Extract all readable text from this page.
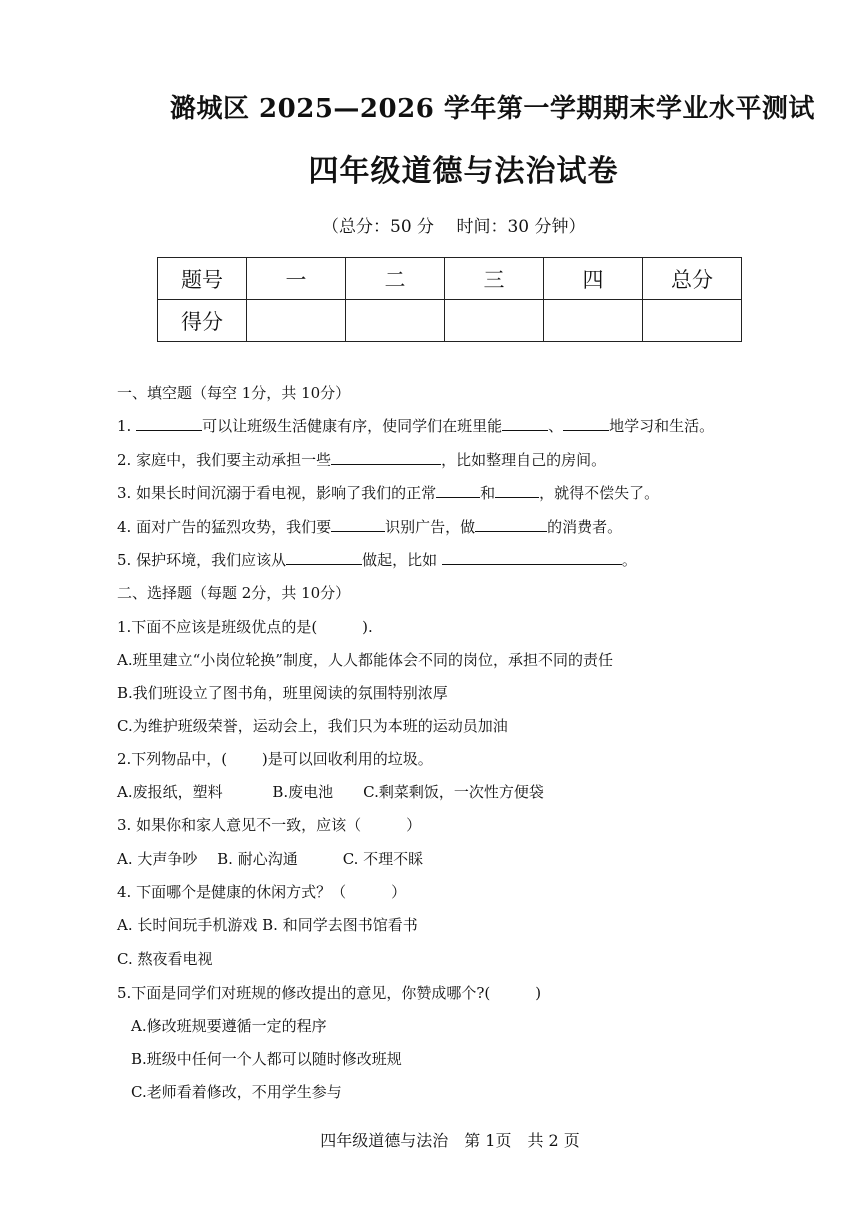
潞城区 2025—2026 学年第一学期期末学业水平测试
四年级道德与法治试卷
（总分：50 分　 时间：30 分钟）
题号	一	二	三	四	总分
得分					
一、填空题（每空 1分，共 10分）
1.	可以让班级生活健康有序，使同学们在班里能	、	地学习和生活。
2. 家庭中，我们要主动承担一些	，比如整理自己的房间。
3. 如果长时间沉溺于看电视，影响了我们的正常	和	，就得不偿失了。
4. 面对广告的猛烈攻势，我们要	识别广告，做	的消费者。
5. 保护环境，我们应该从	做起，比如	。
二、选择题（每题 2分，共 10分）
1.下面不应该是班级优点的是(　　　).
A.班里建立“小岗位轮换”制度，人人都能体会不同的岗位，承担不同的责任
B.我们班设立了图书角，班里阅读的氛围特别浓厚
C.为维护班级荣誉，运动会上，我们只为本班的运动员加油
2.下列物品中，(　　 )是可以回收利用的垃圾。
A.废报纸，塑料　　　 B.废电池　　C.剩菜剩饭，一次性方便袋
3. 如果你和家人意见不一致，应该（　　　）
A. 大声争吵　 B. 耐心沟通　　　C. 不理不睬
4. 下面哪个是健康的休闲方式？（　　　）
A. 长时间玩手机游戏 B. 和同学去图书馆看书
C. 熬夜看电视
5.下面是同学们对班规的修改提出的意见，你赞成哪个?(　　　)
A.修改班规要遵循一定的程序
B.班级中任何一个人都可以随时修改班规
C.老师看着修改，不用学生参与
四年级道德与法治　第 1页　共 2 页
